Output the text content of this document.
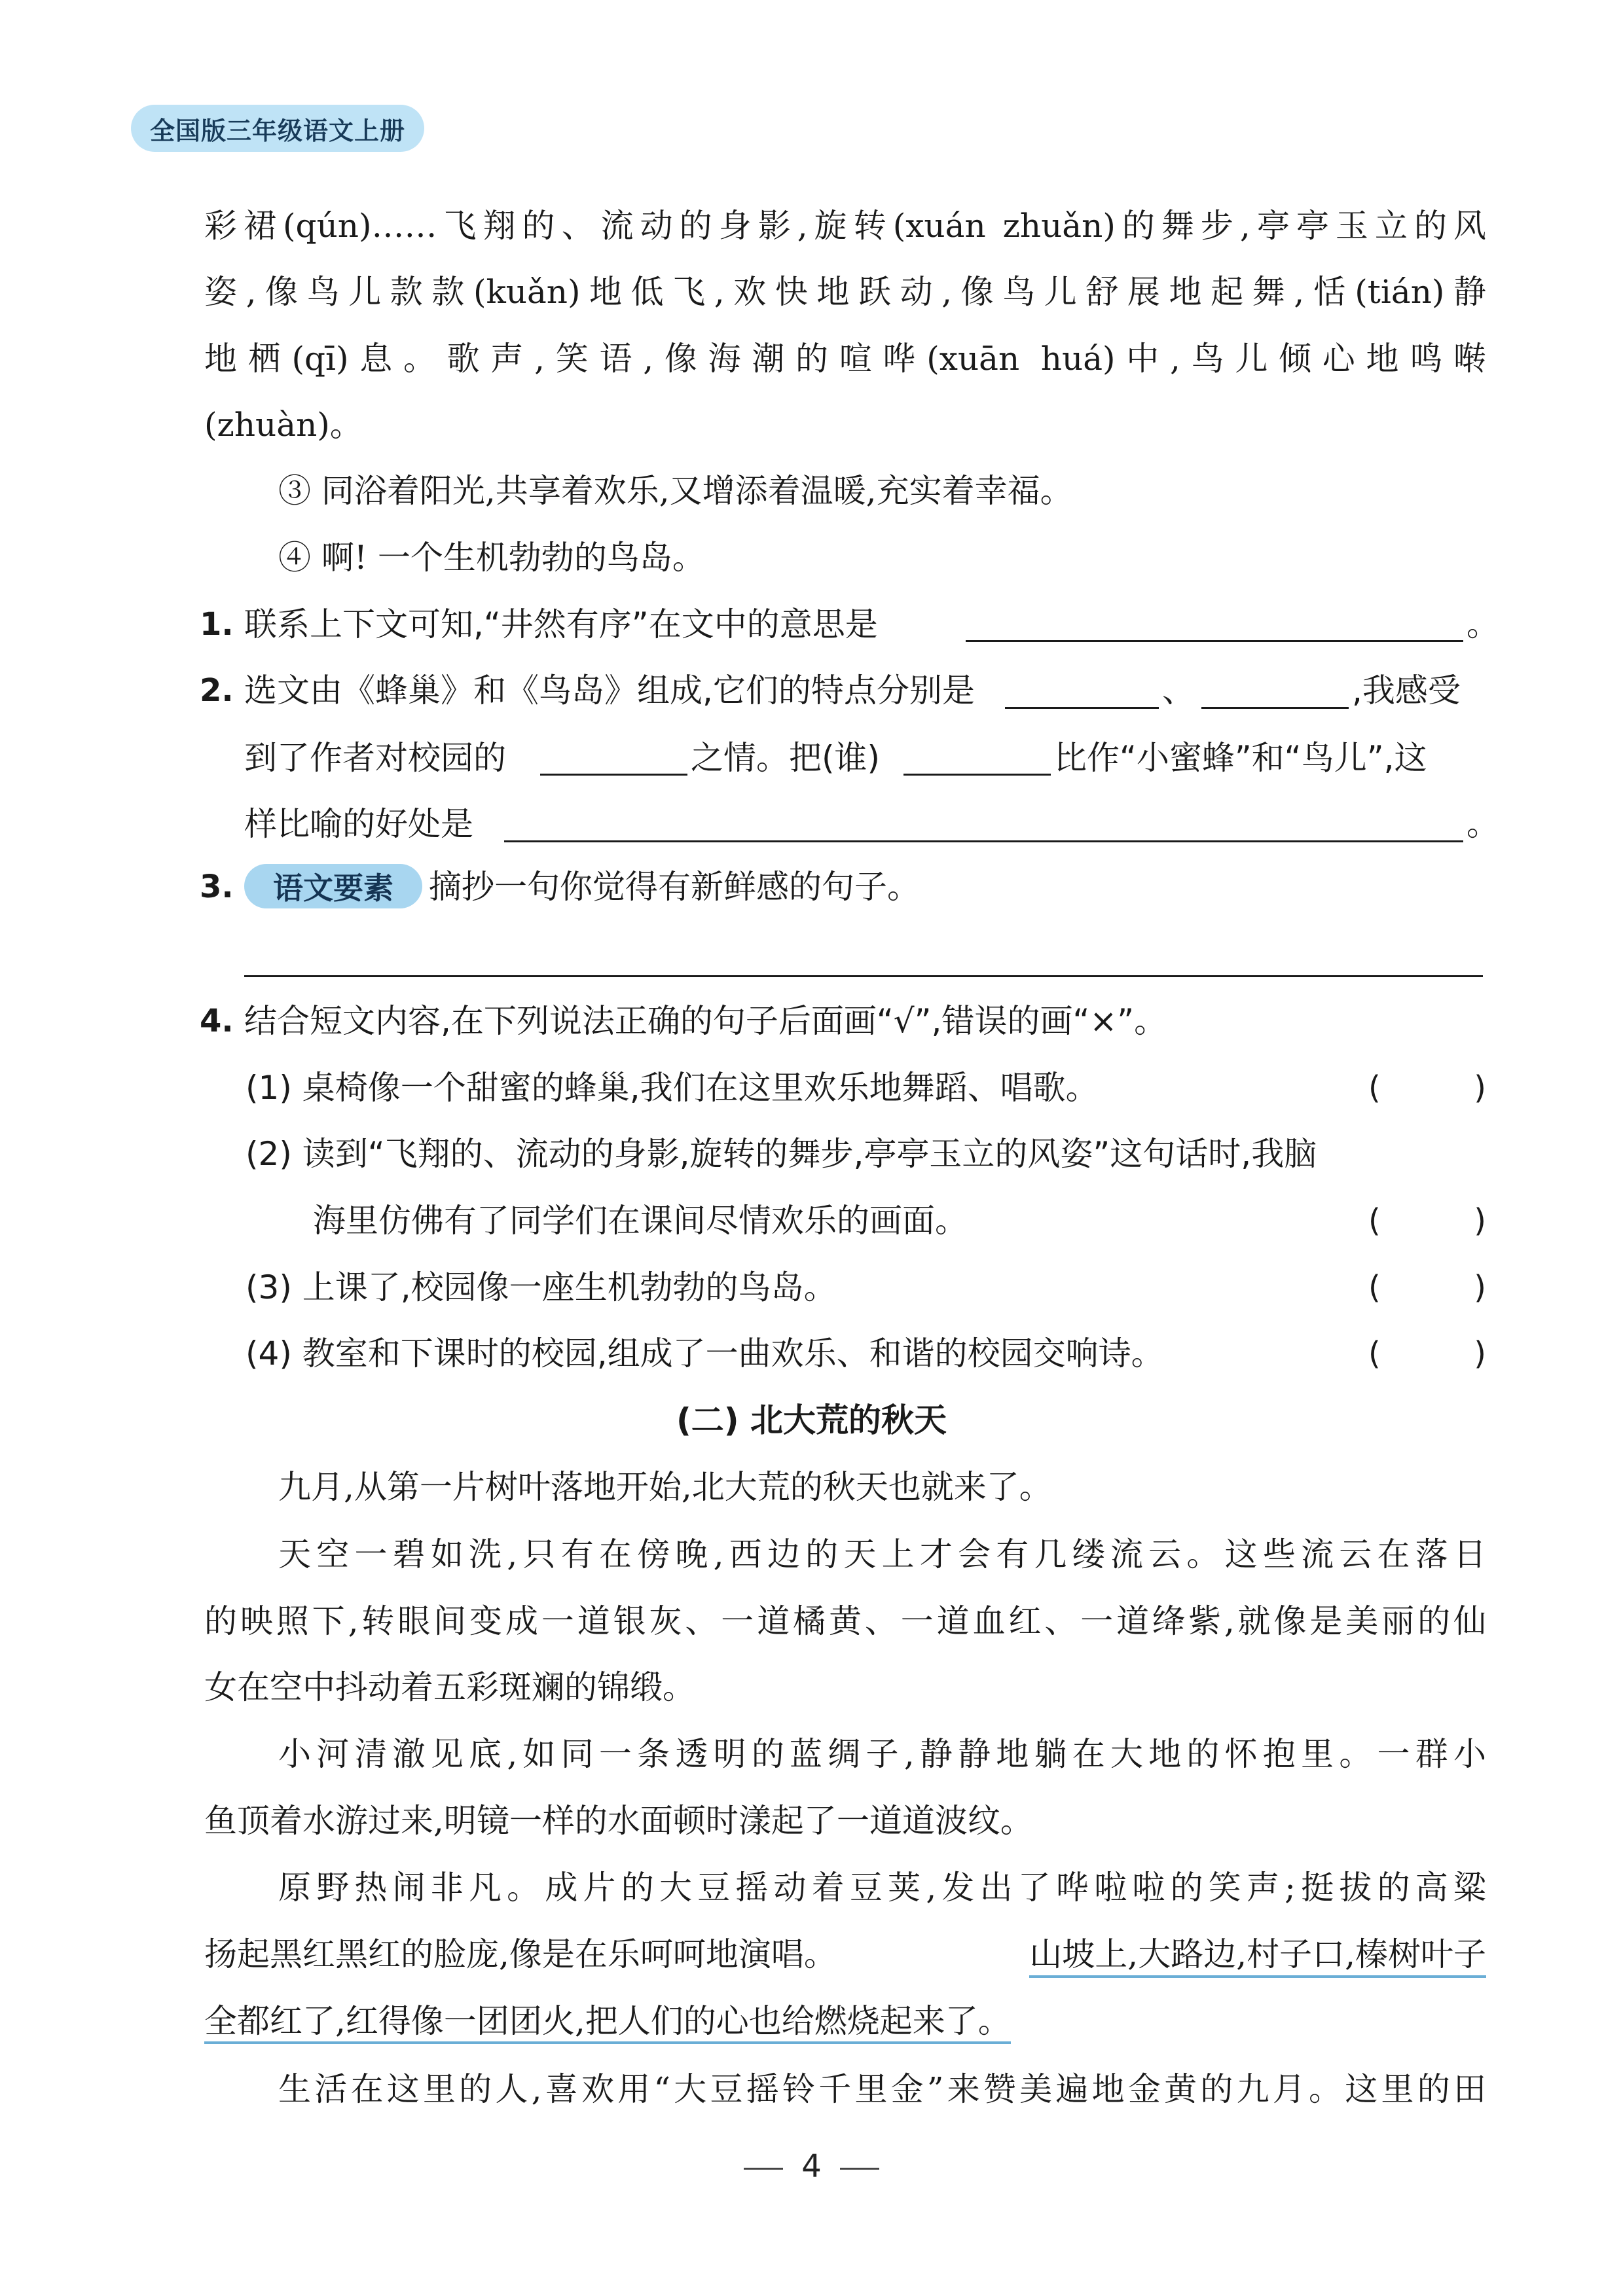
全国版三年级语文上册
彩裙(qún)……飞翔的、流动的身影,旋转(xuán zhuǎn)的舞步,亭亭玉立的风
姿,像鸟儿款款(kuǎn)地低飞,欢快地跃动,像鸟儿舒展地起舞,恬(tián)静
地栖(qī)息。歌声,笑语,像海潮的喧哗(xuān huá)中,鸟儿倾心地鸣啭
(zhuàn)。
③ 同浴着阳光,共享着欢乐,又增添着温暖,充实着幸福。
④ 啊! 一个生机勃勃的鸟岛。
1. 联系上下文可知,“井然有序”在文中的意思是	。
2. 选文由《蜂巢》和《鸟岛》组成,它们的特点分别是	、	,我感受
到了作者对校园的	之情。把(谁)	比作“小蜜蜂”和“鸟儿”,这
样比喻的好处是	。
3.	语文要素	摘抄一句你觉得有新鲜感的句子。
4. 结合短文内容,在下列说法正确的句子后面画“√”,错误的画“×”。
(1) 桌椅像一个甜蜜的蜂巢,我们在这里欢乐地舞蹈、唱歌。	(	)
(2) 读到“飞翔的、流动的身影,旋转的舞步,亭亭玉立的风姿”这句话时,我脑
海里仿佛有了同学们在课间尽情欢乐的画面。	(	)
(3) 上课了,校园像一座生机勃勃的鸟岛。	(	)
(4) 教室和下课时的校园,组成了一曲欢乐、和谐的校园交响诗。	(	)
(二) 北大荒的秋天
九月,从第一片树叶落地开始,北大荒的秋天也就来了。
天空一碧如洗,只有在傍晚,西边的天上才会有几缕流云。这些流云在落日
的映照下,转眼间变成一道银灰、一道橘黄、一道血红、一道绛紫,就像是美丽的仙
女在空中抖动着五彩斑斓的锦缎。
小河清澈见底,如同一条透明的蓝绸子,静静地躺在大地的怀抱里。一群小
鱼顶着水游过来,明镜一样的水面顿时漾起了一道道波纹。
原野热闹非凡。成片的大豆摇动着豆荚,发出了哗啦啦的笑声;挺拔的高粱
扬起黑红黑红的脸庞,像是在乐呵呵地演唱。	山坡上,大路边,村子口,榛树叶子
全都红了,红得像一团团火,把人们的心也给燃烧起来了。
生活在这里的人,喜欢用“大豆摇铃千里金”来赞美遍地金黄的九月。这里的田
4
